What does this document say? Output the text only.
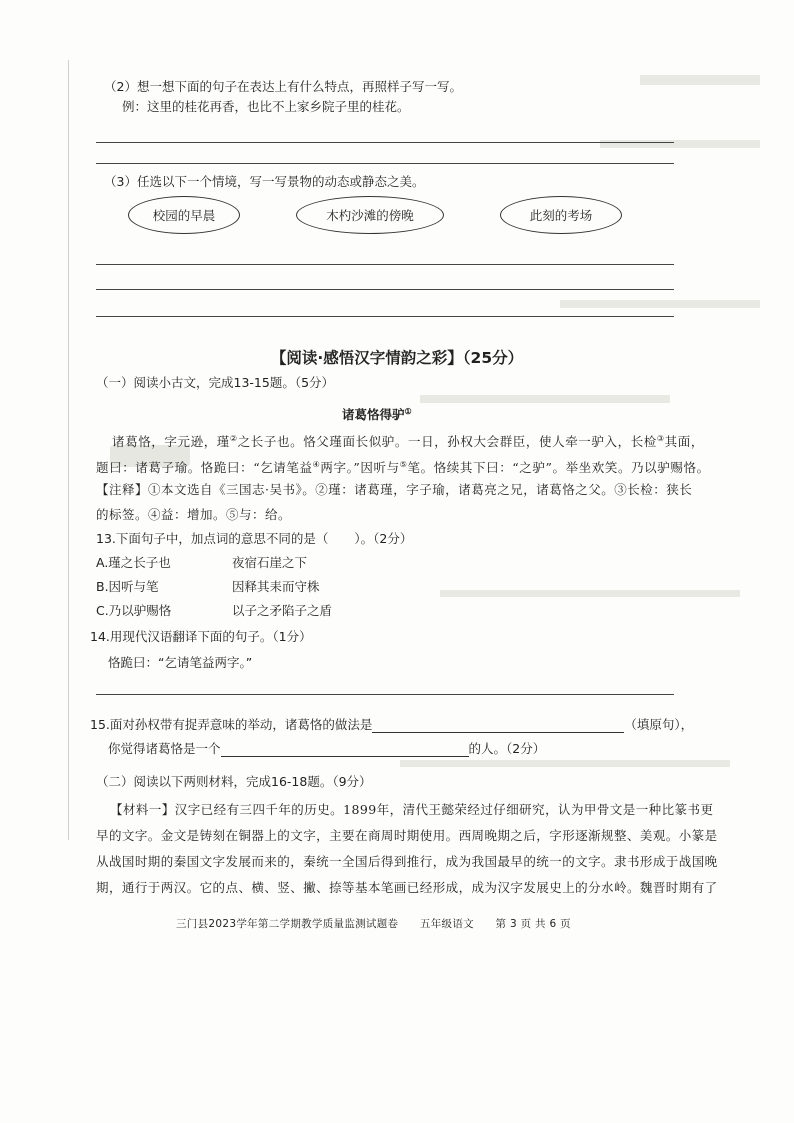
（2）想一想下面的句子在表达上有什么特点，再照样子写一写。
例：这里的桂花再香，也比不上家乡院子里的桂花。
（3）任选以下一个情境，写一写景物的动态或静态之美。
校园的早晨	木杓沙滩的傍晚	此刻的考场
【阅读·感悟汉字情韵之彩】（25分）
（一）阅读小古文，完成13-15题。（5分）
诸葛恪得驴①
诸葛恪，字元逊，瑾②之长子也。恪父瑾面长似驴。一日，孙权大会群臣，使人牵一驴入，长检③其面，
题曰：诸葛子瑜。恪跪曰：“乞请笔益④两字。”因听与⑤笔。恪续其下曰：“之驴”。举坐欢笑。乃以驴赐恪。
【注释】①本文选自《三国志·吴书》。②瑾：诸葛瑾，字子瑜，诸葛亮之兄，诸葛恪之父。③长检：狭长
的标签。④益：增加。⑤与：给。
13.下面句子中，加点词的意思不同的是（ ）。（2分）
A.瑾之长子也	夜宿石崖之下
B.因听与笔	因释其耒而守株
C.乃以驴赐恪	以子之矛陷子之盾
14.用现代汉语翻译下面的句子。（1分）
恪跪曰：“乞请笔益两字。”
15.面对孙权带有捉弄意味的举动，诸葛恪的做法是	（填原句），
你觉得诸葛恪是一个	的人。（2分）
（二）阅读以下两则材料，完成16-18题。（9分）
【材料一】汉字已经有三四千年的历史。1899年，清代王懿荣经过仔细研究，认为甲骨文是一种比篆书更
早的文字。金文是铸刻在铜器上的文字，主要在商周时期使用。西周晚期之后，字形逐渐规整、美观。小篆是
从战国时期的秦国文字发展而来的，秦统一全国后得到推行，成为我国最早的统一的文字。隶书形成于战国晚
期，通行于两汉。它的点、横、竖、撇、捺等基本笔画已经形成，成为汉字发展史上的分水岭。魏晋时期有了
三门县2023学年第二学期教学质量监测试题卷　　五年级语文　　第 3 页 共 6 页
